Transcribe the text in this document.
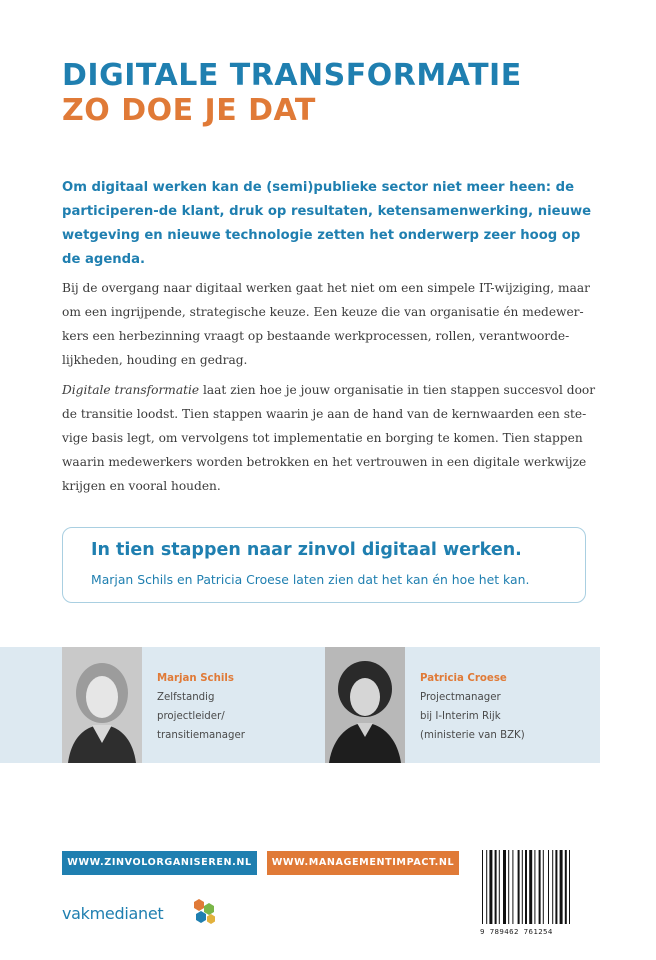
DIGITALE TRANSFORMATIE
ZO DOE JE DAT

Om digitaal werken kan de (semi)publieke sector niet meer heen: de participeren-de klant, druk op resultaten, ketensamenwerking, nieuwe wetgeving en nieuwe technologie zetten het onderwerp zeer hoog op de agenda.

Bij de overgang naar digitaal werken gaat het niet om een simpele IT-wijziging, maar om een ingrijpende, strategische keuze. Een keuze die van organisatie én medewer-kers een herbezinning vraagt op bestaande werkprocessen, rollen, verantwoorde-lijkheden, houding en gedrag.

Digitale transformatie laat zien hoe je jouw organisatie in tien stappen succesvol door de transitie loodst. Tien stappen waarin je aan de hand van de kernwaarden een ste-vige basis legt, om vervolgens tot implementatie en borging te komen. Tien stappen waarin medewerkers worden betrokken en het vertrouwen in een digitale werkwijze krijgen en vooral houden.

In tien stappen naar zinvol digitaal werken.
Marjan Schils en Patricia Croese laten zien dat het kan én hoe het kan.
Marjan Schils
Zelfstandig
projectleider/
transitiemanager
Patricia Croese
Projectmanager
bij I-Interim Rijk
(ministerie van BZK)
WWW.ZINVOLORGANISEREN.NL	WWW.MANAGEMENTIMPACT.NL
vakmedianet
9 789462 761254
